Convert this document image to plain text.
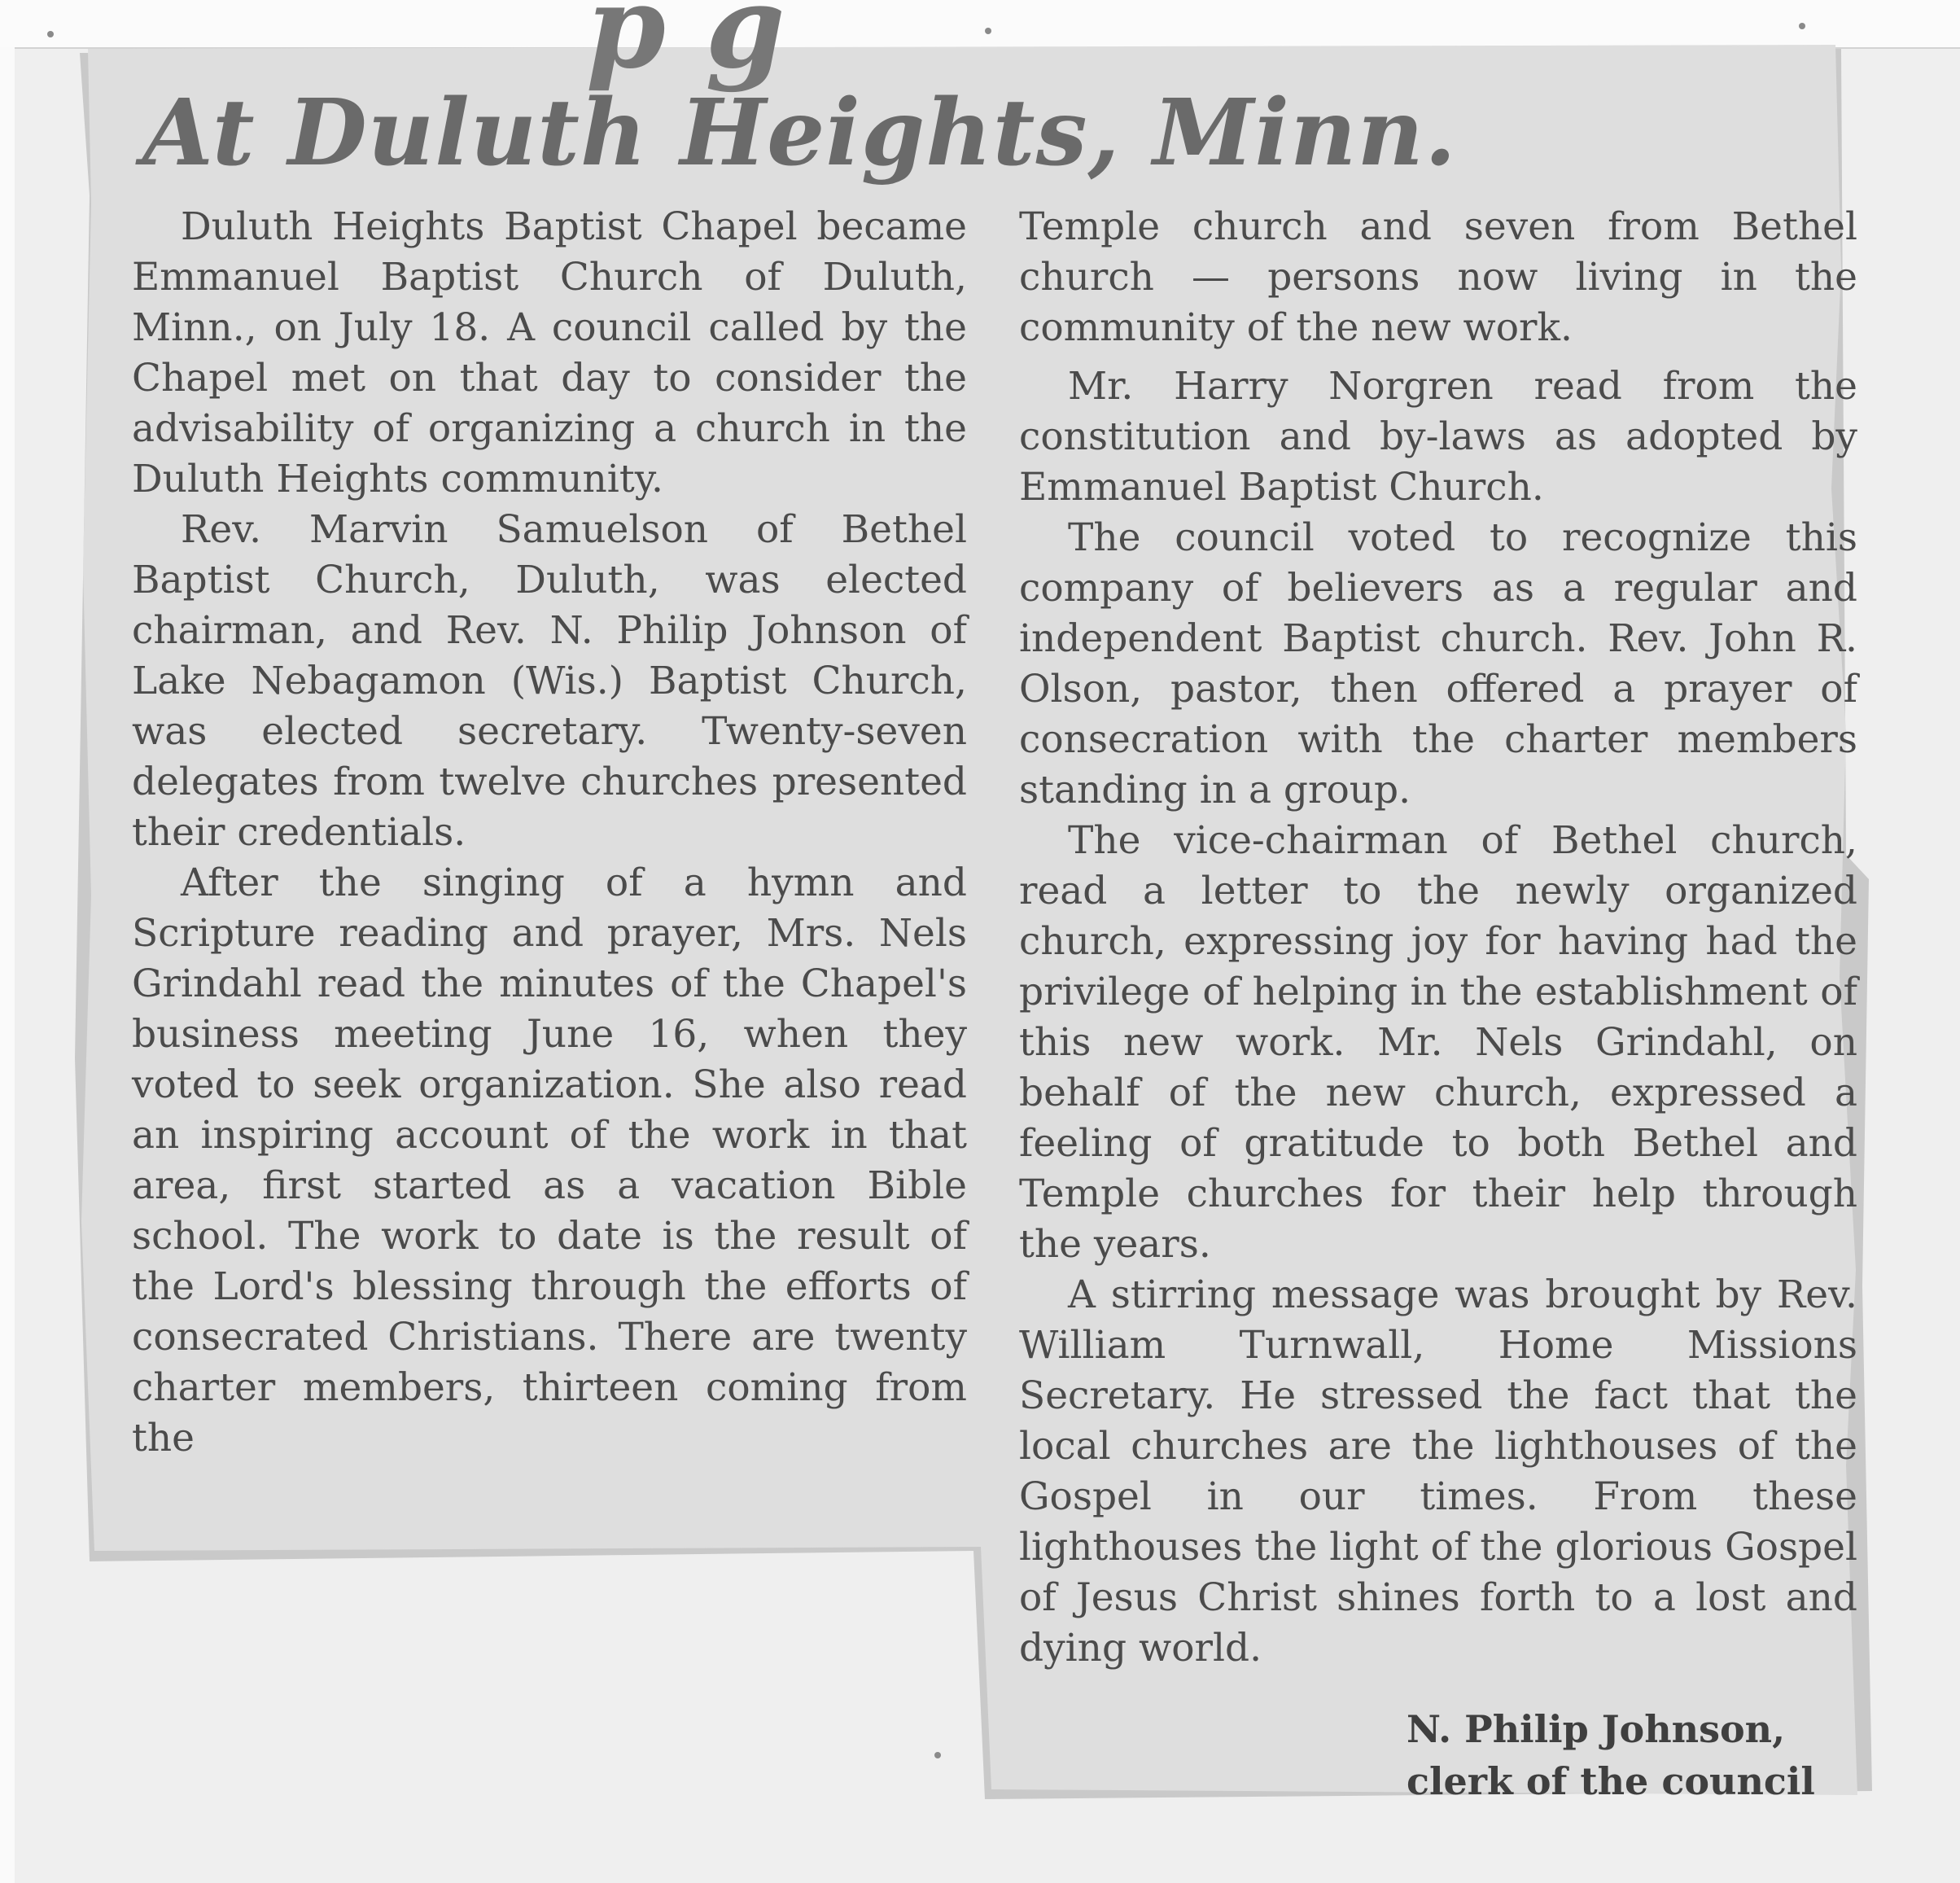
p g
At Duluth Heights, Minn.

Duluth Heights Baptist Chapel became Emmanuel Baptist Church of Duluth, Minn., on July 18. A council called by the Chapel met on that day to consider the advisability of organizing a church in the Duluth Heights community.

Rev. Marvin Samuelson of Bethel Baptist Church, Duluth, was elected chairman, and Rev. N. Philip Johnson of Lake Nebagamon (Wis.) Baptist Church, was elected secretary. Twenty-seven delegates from twelve churches presented their credentials.

After the singing of a hymn and Scripture reading and prayer, Mrs. Nels Grindahl read the minutes of the Chapel's business meeting June 16, when they voted to seek organization. She also read an inspiring account of the work in that area, first started as a vacation Bible school. The work to date is the result of the Lord's blessing through the efforts of consecrated Christians. There are twenty charter members, thirteen coming from the

Temple church and seven from Bethel church — persons now living in the community of the new work.

Mr. Harry Norgren read from the constitution and by-laws as adopted by Emmanuel Baptist Church.

The council voted to recognize this company of believers as a regular and independent Baptist church. Rev. John R. Olson, pastor, then offered a prayer of consecration with the charter members standing in a group.

The vice-chairman of Bethel church, read a letter to the newly organized church, expressing joy for having had the privilege of helping in the establishment of this new work. Mr. Nels Grindahl, on behalf of the new church, expressed a feeling of gratitude to both Bethel and Temple churches for their help through the years.

A stirring message was brought by Rev. William Turnwall, Home Missions Secretary. He stressed the fact that the local churches are the lighthouses of the Gospel in our times. From these lighthouses the light of the glorious Gospel of Jesus Christ shines forth to a lost and dying world.

N. Philip Johnson,
clerk of the council
